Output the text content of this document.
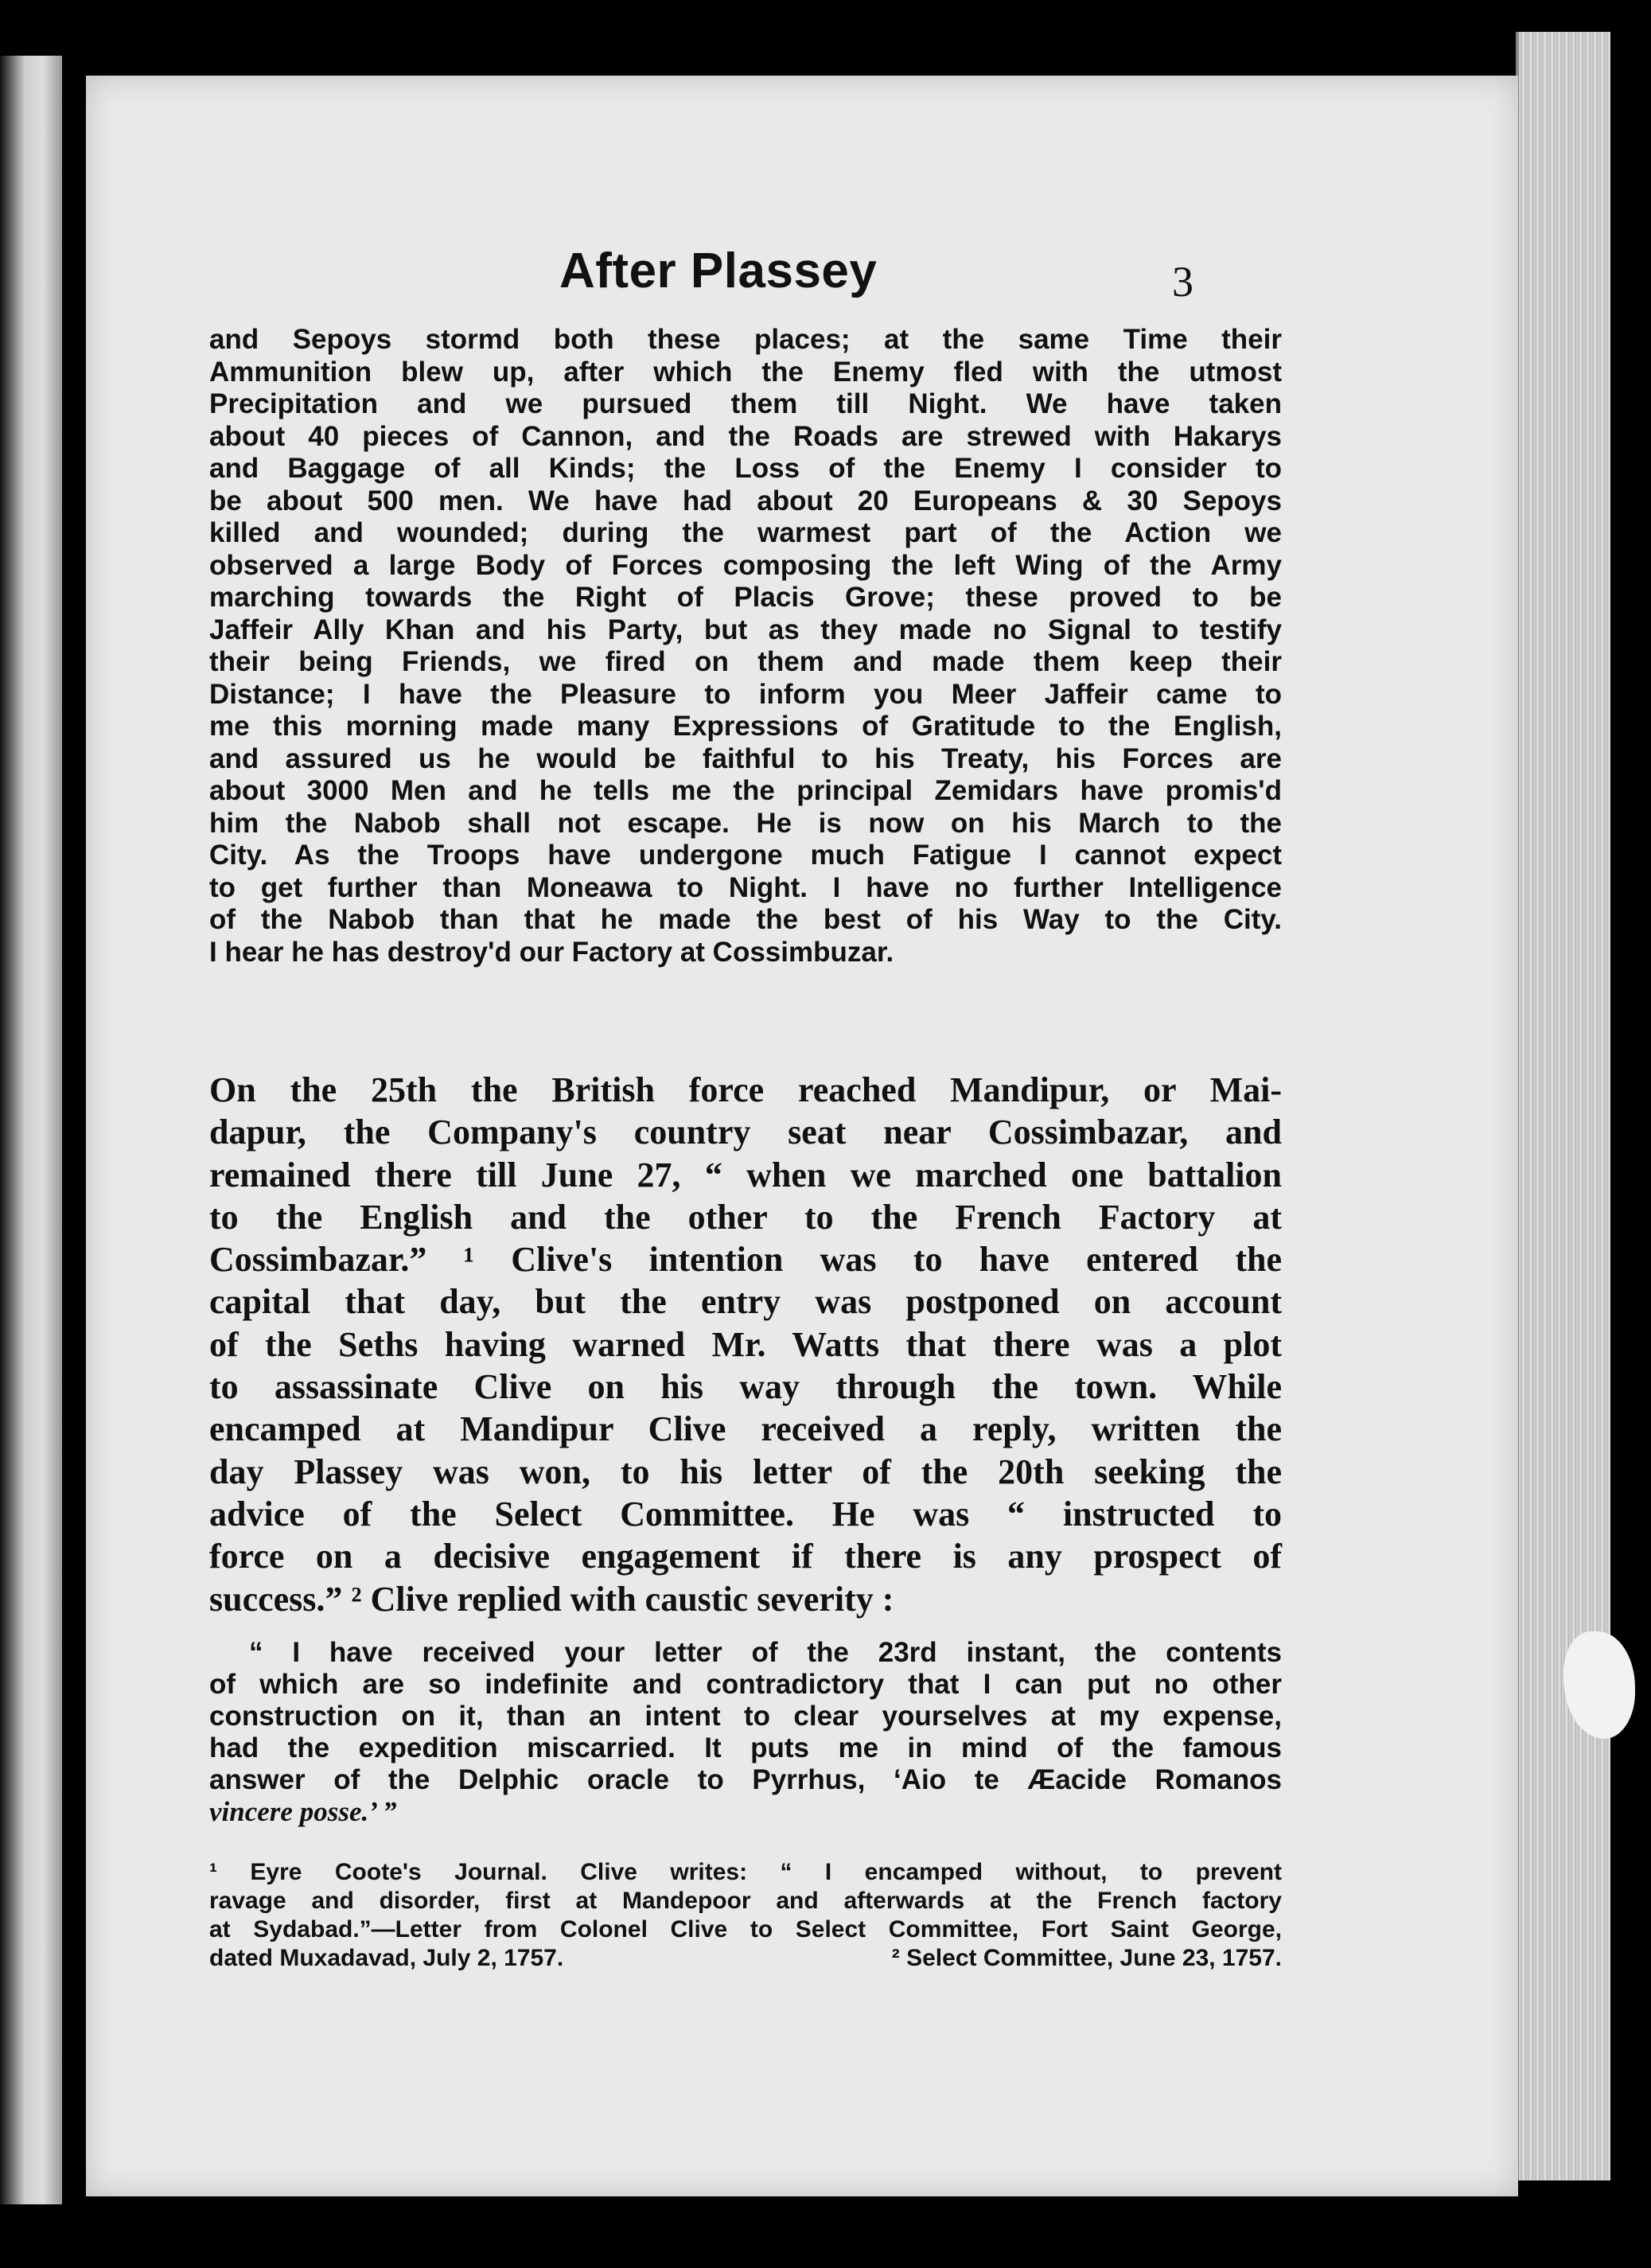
After Plassey	3
and Sepoys stormd both these places; at the same Time their
Ammunition blew up, after which the Enemy fled with the utmost
Precipitation and we pursued them till Night. We have taken
about 40 pieces of Cannon, and the Roads are strewed with Hakarys
and Baggage of all Kinds; the Loss of the Enemy I consider to
be about 500 men. We have had about 20 Europeans & 30 Sepoys
killed and wounded; during the warmest part of the Action we
observed a large Body of Forces composing the left Wing of the Army
marching towards the Right of Placis Grove; these proved to be
Jaffeir Ally Khan and his Party, but as they made no Signal to testify
their being Friends, we fired on them and made them keep their
Distance; I have the Pleasure to inform you Meer Jaffeir came to
me this morning made many Expressions of Gratitude to the English,
and assured us he would be faithful to his Treaty, his Forces are
about 3000 Men and he tells me the principal Zemidars have promis'd
him the Nabob shall not escape. He is now on his March to the
City. As the Troops have undergone much Fatigue I cannot expect
to get further than Moneawa to Night. I have no further Intelligence
of the Nabob than that he made the best of his Way to the City.
I hear he has destroy'd our Factory at Cossimbuzar.
On the 25th the British force reached Mandipur, or Mai-
dapur, the Company's country seat near Cossimbazar, and
remained there till June 27, “ when we marched one battalion
to the English and the other to the French Factory at
Cossimbazar.” ¹ Clive's intention was to have entered the
capital that day, but the entry was postponed on account
of the Seths having warned Mr. Watts that there was a plot
to assassinate Clive on his way through the town. While
encamped at Mandipur Clive received a reply, written the
day Plassey was won, to his letter of the 20th seeking the
advice of the Select Committee. He was “ instructed to
force on a decisive engagement if there is any prospect of
success.” ² Clive replied with caustic severity :
“ I have received your letter of the 23rd instant, the contents
of which are so indefinite and contradictory that I can put no other
construction on it, than an intent to clear yourselves at my expense,
had the expedition miscarried. It puts me in mind of the famous
answer of the Delphic oracle to Pyrrhus, ‘Aio te Æacide Romanos
vincere posse.’ ”
¹ Eyre Coote's Journal. Clive writes: “ I encamped without, to prevent
ravage and disorder, first at Mandepoor and afterwards at the French factory
at Sydabad.”—Letter from Colonel Clive to Select Committee, Fort Saint George,
dated Muxadavad, July 2, 1757.	² Select Committee, June 23, 1757.
